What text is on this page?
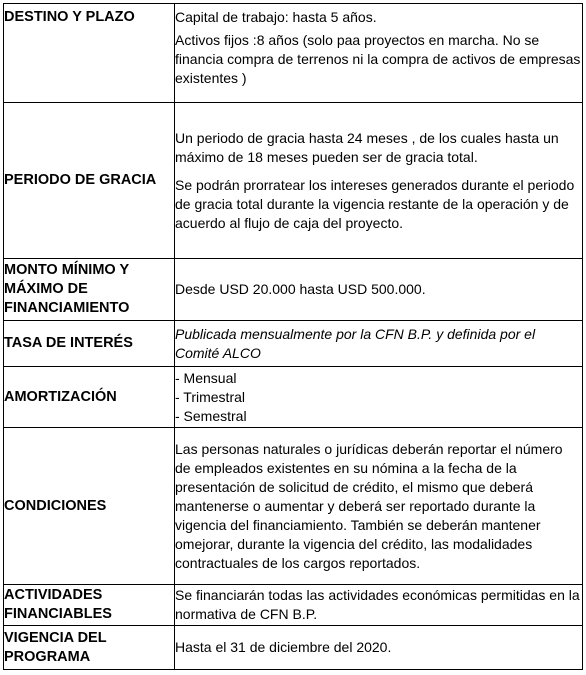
DESTINO Y PLAZO	Capital de trabajo: hasta 5 años.

Activos fijos :8 años (solo paa proyectos en marcha. No se financia compra de terrenos ni la compra de activos de empresas existentes )

PERIODO DE GRACIA	Un periodo de gracia hasta 24 meses , de los cuales hasta un máximo de 18 meses pueden ser de gracia total.

Se podrán prorratear los intereses generados durante el periodo de gracia total durante la vigencia restante de la operación y de acuerdo al flujo de caja del proyecto.

MONTO MÍNIMO Y MÁXIMO DE FINANCIAMIENTO	Desde USD 20.000 hasta USD 500.000.
TASA DE INTERÉS	Publicada mensualmente por la CFN B.P. y definida por el Comité ALCO
AMORTIZACIÓN	- Mensual
- Trimestral
- Semestral

CONDICIONES	Las personas naturales o jurídicas deberán reportar el número de empleados existentes en su nómina a la fecha de la presentación de solicitud de crédito, el mismo que deberá mantenerse o aumentar y deberá ser reportado durante la vigencia del financiamiento. También se deberán mantener omejorar, durante la vigencia del crédito, las modalidades contractuales de los cargos reportados.
ACTIVIDADES FINANCIABLES	Se financiarán todas las actividades económicas permitidas en la normativa de CFN B.P.
VIGENCIA DEL PROGRAMA	Hasta el 31 de diciembre del 2020.
